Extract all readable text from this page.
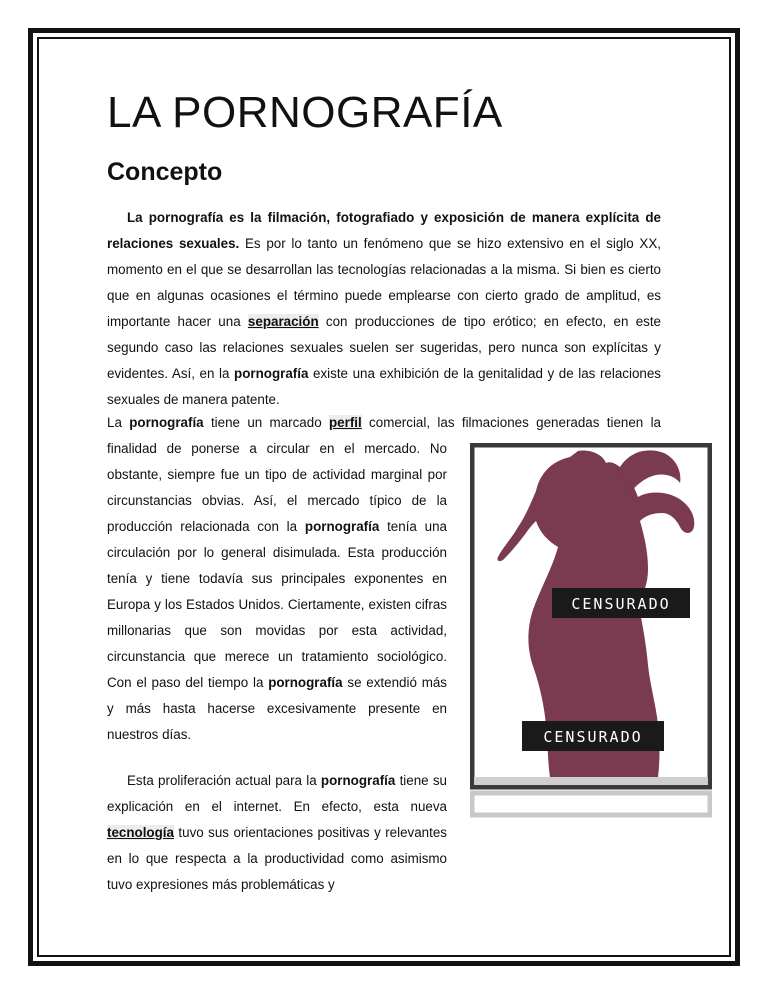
LA PORNOGRAFÍA
Concepto

La pornografía es la filmación, fotografiado y exposición de manera explícita de relaciones sexuales. Es por lo tanto un fenómeno que se hizo extensivo en el siglo XX, momento en el que se desarrollan las tecnologías relacionadas a la misma. Si bien es cierto que en algunas ocasiones el término puede emplearse con cierto grado de amplitud, es importante hacer una separación con producciones de tipo erótico; en efecto, en este segundo caso las relaciones sexuales suelen ser sugeridas, pero nunca son explícitas y evidentes. Así, en la pornografía existe una exhibición de la genitalidad y de las relaciones sexuales de manera patente.

La pornografía tiene un marcado perfil comercial, las filmaciones generadas tienen la

finalidad de ponerse a circular en el mercado. No obstante, siempre fue un tipo de actividad marginal por circunstancias obvias. Así, el mercado típico de la producción relacionada con la pornografía tenía una circulación por lo general disimulada. Esta producción tenía y tiene todavía sus principales exponentes en Europa y los Estados Unidos. Ciertamente, existen cifras millonarias que son movidas por esta actividad, circunstancia que merece un tratamiento sociológico. Con el paso del tiempo la pornografía se extendió más y más hasta hacerse excesivamente presente en nuestros días.

Esta proliferación actual para la pornografía tiene su explicación en el internet. En efecto, esta nueva tecnología tuvo sus orientaciones positivas y relevantes en lo que respecta a la productividad como asimismo tuvo expresiones más problemáticas y

CENSURADO
CENSURADO
